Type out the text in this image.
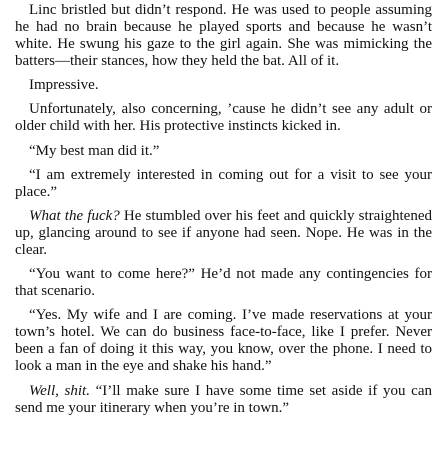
Linc bristled but didn’t respond. He was used to people assuming he had no brain because he played sports and because he wasn’t white. He swung his gaze to the girl again. She was mimicking the batters—their stances, how they held the bat. All of it.

Impressive.

Unfortunately, also concerning, ’cause he didn’t see any adult or older child with her. His protective instincts kicked in.

“My best man did it.”

“I am extremely interested in coming out for a visit to see your place.”

What the fuck? He stumbled over his feet and quickly straightened up, glancing around to see if anyone had seen. Nope. He was in the clear.

“You want to come here?” He’d not made any contingencies for that scenario.

“Yes. My wife and I are coming. I’ve made reservations at your town’s hotel. We can do business face-to-face, like I prefer. Never been a fan of doing it this way, you know, over the phone. I need to look a man in the eye and shake his hand.”

Well, shit. “I’ll make sure I have some time set aside if you can send me your itinerary when you’re in town.”
